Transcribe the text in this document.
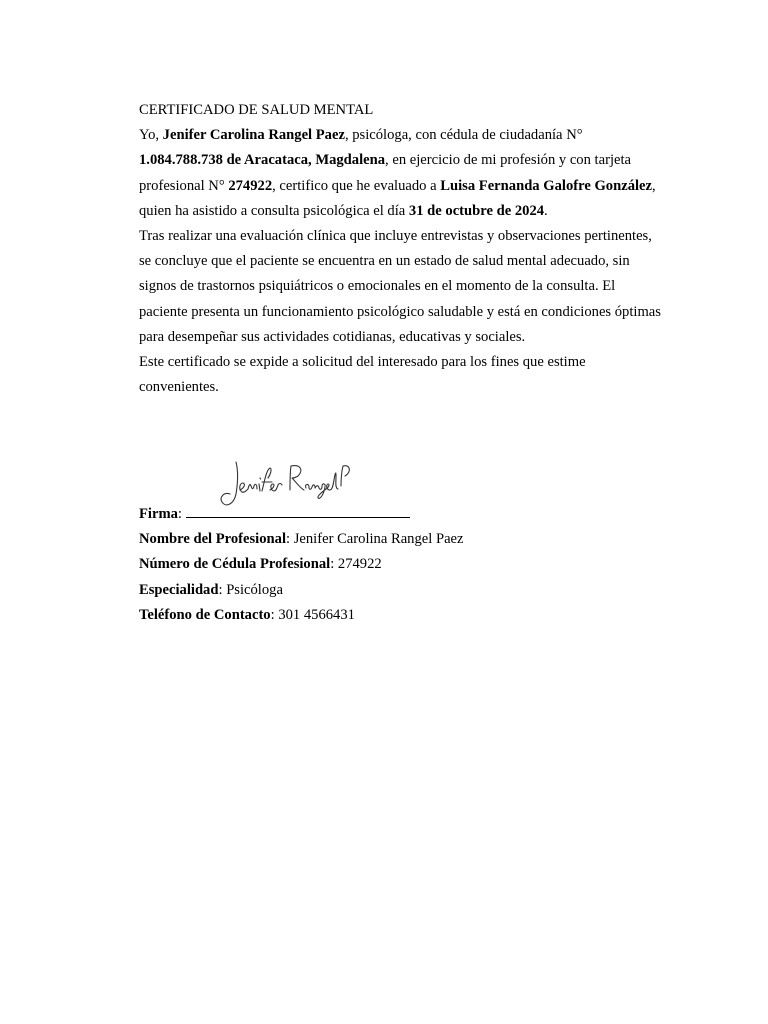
CERTIFICADO DE SALUD MENTAL

Yo, Jenifer Carolina Rangel Paez, psicóloga, con cédula de ciudadanía N° 1.084.788.738 de Aracataca, Magdalena, en ejercicio de mi profesión y con tarjeta profesional N° 274922, certifico que he evaluado a Luisa Fernanda Galofre González, quien ha asistido a consulta psicológica el día 31 de octubre de 2024.

Tras realizar una evaluación clínica que incluye entrevistas y observaciones pertinentes, se concluye que el paciente se encuentra en un estado de salud mental adecuado, sin signos de trastornos psiquiátricos o emocionales en el momento de la consulta. El paciente presenta un funcionamiento psicológico saludable y está en condiciones óptimas para desempeñar sus actividades cotidianas, educativas y sociales.

Este certificado se expide a solicitud del interesado para los fines que estime convenientes.

Firma:
Nombre del Profesional: Jenifer Carolina Rangel Paez
Número de Cédula Profesional: 274922
Especialidad: Psicóloga
Teléfono de Contacto: 301 4566431
